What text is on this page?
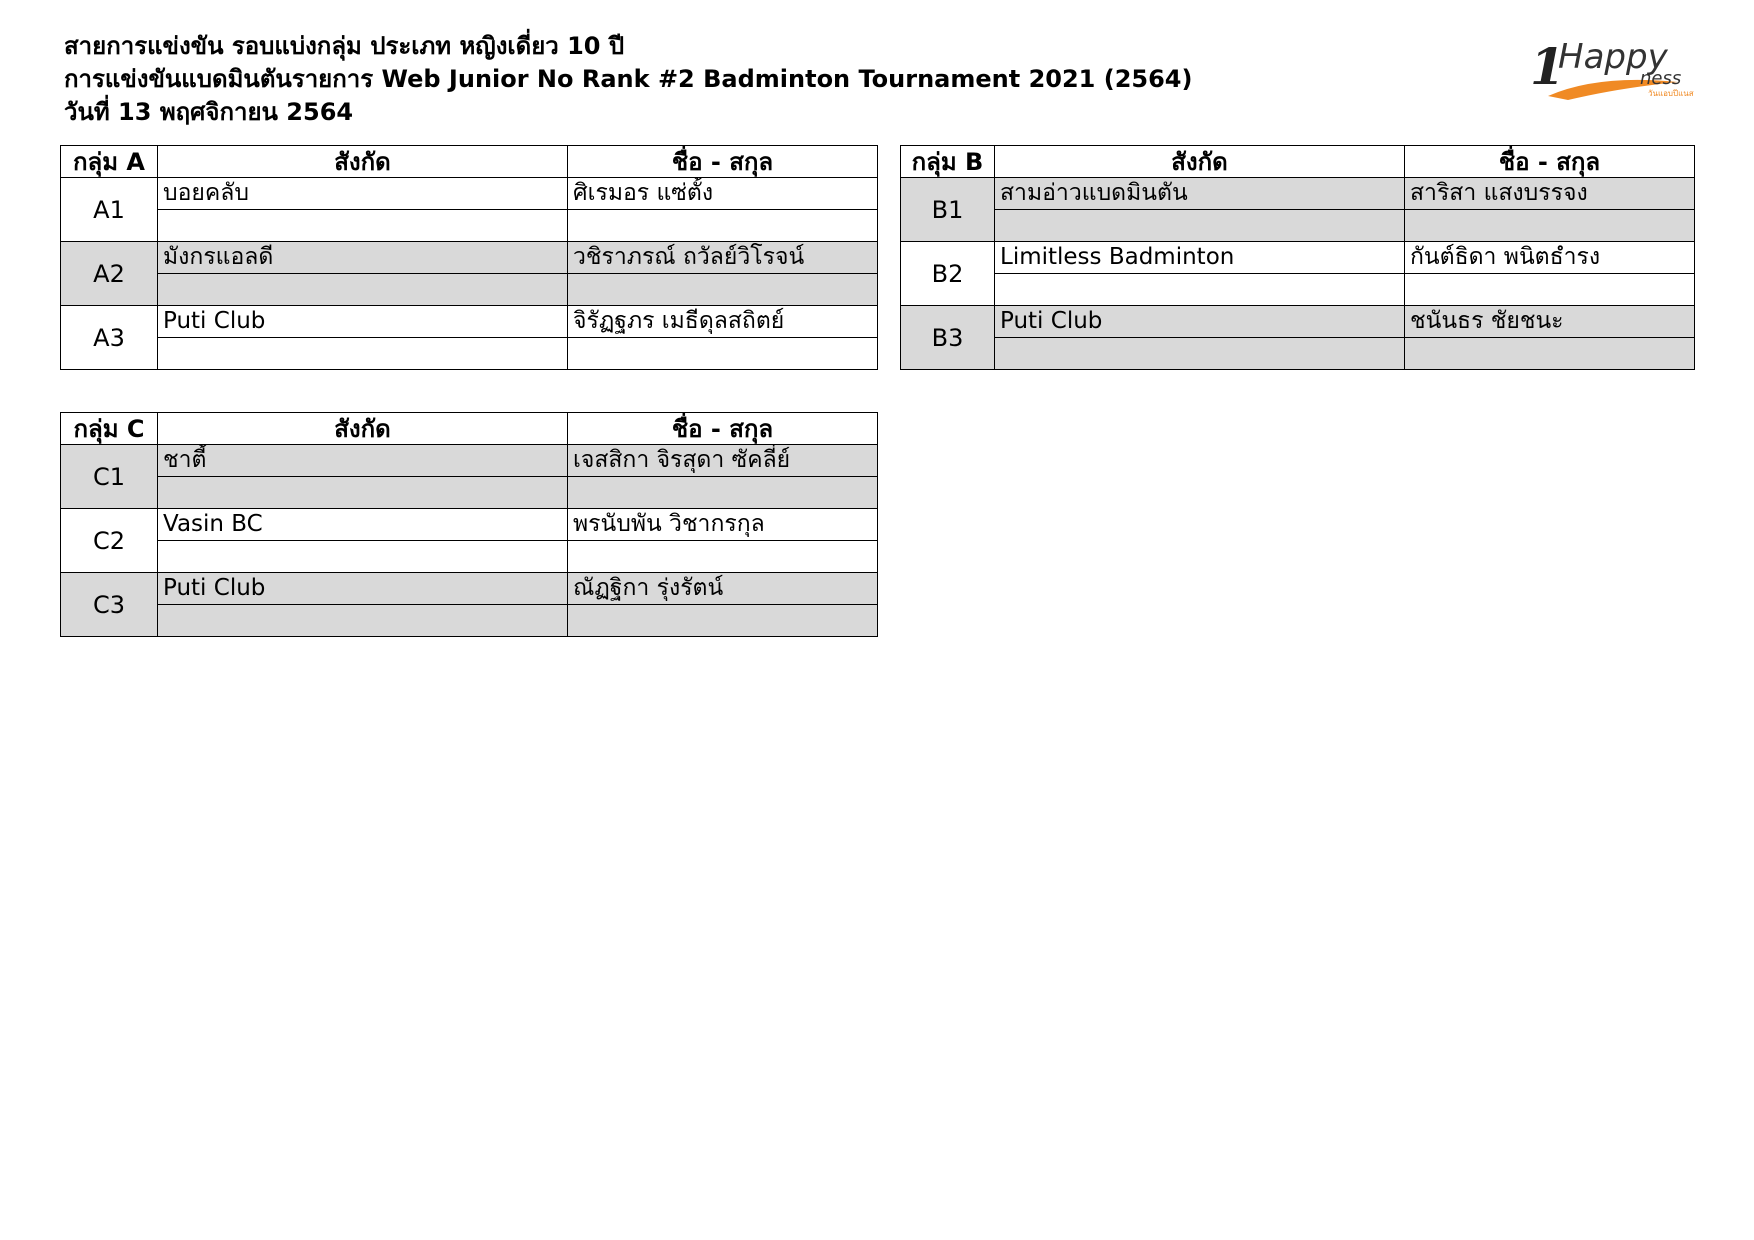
สายการแข่งขัน รอบแบ่งกลุ่ม ประเภท หญิงเดี่ยว 10 ปี
การแข่งขันแบดมินตันรายการ Web Junior No Rank #2 Badminton Tournament 2021 (2564)
วันที่ 13 พฤศจิกายน 2564
1
Happy
ness
วันแอบปีแนส
กลุ่ม A	สังกัด	ชื่อ - สกุล
A1	บอยคลับ	ศิเรมอร แซ่ตั้ง

A2	มังกรแอลดี	วชิราภรณ์ ถวัลย์วิโรจน์

A3	Puti Club	จิรัฏฐภร เมธีดุลสถิตย์

กลุ่ม B	สังกัด	ชื่อ - สกุล
B1	สามอ่าวแบดมินตัน	สาริสา แสงบรรจง

B2	Limitless Badminton	กันต์ธิดา พนิตธำรง

B3	Puti Club	ชนันธร ชัยชนะ

กลุ่ม C	สังกัด	ชื่อ - สกุล
C1	ชาตี้	เจสสิกา จิรสุดา ซัคลี่ย์

C2	Vasin BC	พรนับพัน วิชากรกุล

C3	Puti Club	ณัฏฐิกา รุ่งรัตน์
